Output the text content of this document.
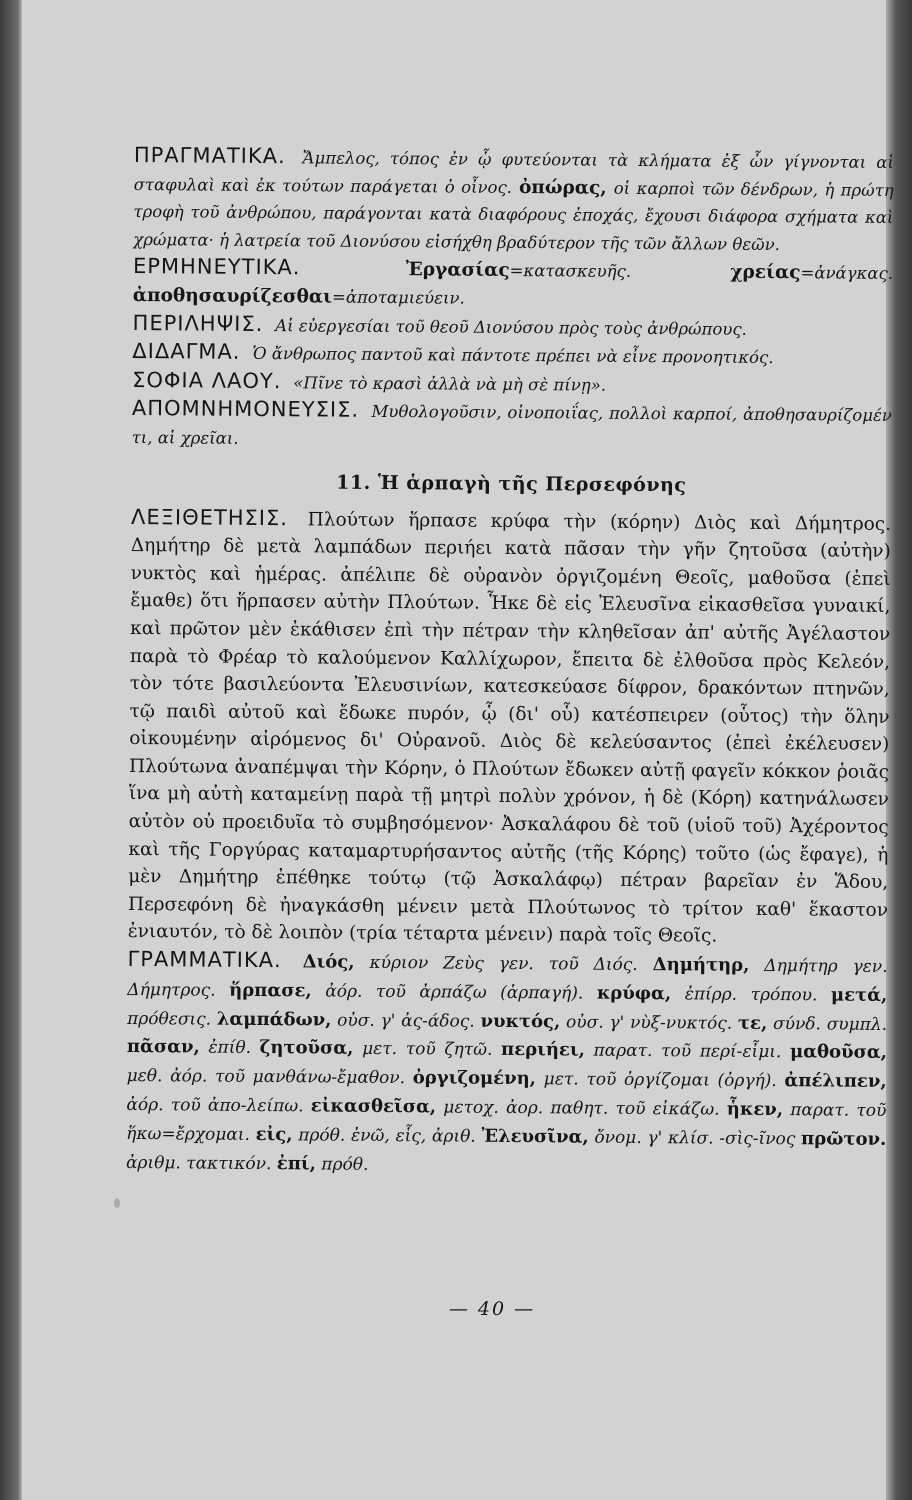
ΠΡΑΓΜΑΤΙΚΑ. Ἄμπελος, τόπος ἐν ᾧ φυτεύονται τὰ κλήματα ἐξ ὧν γίγνονται αἱ σταφυλαὶ καὶ ἐκ τούτων παράγεται ὁ οἶνος. ὀπώρας, οἱ καρποὶ τῶν δένδρων, ἡ πρώτη τροφὴ τοῦ ἀνθρώπου, παράγονται κατὰ διαφόρους ἐποχάς, ἔχουσι διάφορα σχήματα καὶ χρώματα· ἡ λατρεία τοῦ Διονύσου εἰσήχθη βραδύτερον τῆς τῶν ἄλλων θεῶν.

ΕΡΜΗΝΕΥΤΙΚΑ.	Ἐργασίας=κατασκευῆς.	χρείας=ἀνάγκας. ἀποθησαυρίζεσθαι=ἀποταμιεύειν.

ΠΕΡΙΛΗΨΙΣ. Αἱ εὐεργεσίαι τοῦ θεοῦ Διονύσου πρὸς τοὺς ἀνθρώπους.

ΔΙΔΑΓΜΑ. Ὁ ἄνθρωπος παντοῦ καὶ πάντοτε πρέπει νὰ εἶνε προνοητικός.

ΣΟΦΙΑ ΛΑΟΥ. «Πῖνε τὸ κρασὶ ἀλλὰ νὰ μὴ σὲ πίνῃ».

ΑΠΟΜΝΗΜΟΝΕΥΣΙΣ. Μυθολογοῦσιν, οἰνοποιΐας, πολλοὶ καρποί, ἀποθησαυρίζομέν τι, αἱ χρεῖαι.

11. Ἡ ἁρπαγὴ τῆς Περσεφόνης

ΛΕΞΙΘΕΤΗΣΙΣ. Πλούτων ἥρπασε κρύφα τὴν (κόρην) Διὸς καὶ Δήμητρος. Δημήτηρ δὲ μετὰ λαμπάδων περιήει κατὰ πᾶσαν τὴν γῆν ζητοῦσα (αὐτὴν) νυκτὸς καὶ ἡμέρας. ἀπέλιπε δὲ οὐρανὸν ὀργιζομένη Θεοῖς, μαθοῦσα (ἐπεὶ ἔμαθε) ὅτι ἥρπασεν αὐτὴν Πλούτων. Ἧκε δὲ εἰς Ἐλευσῖνα εἰκασθεῖσα γυναικί, καὶ πρῶτον μὲν ἐκάθισεν ἐπὶ τὴν πέτραν τὴν κληθεῖσαν ἀπ' αὐτῆς Ἀγέλαστον παρὰ τὸ Φρέαρ τὸ καλούμενον Καλλίχωρον, ἔπειτα δὲ ἐλθοῦσα πρὸς Κελεόν, τὸν τότε βασιλεύοντα Ἐλευσινίων, κατεσκεύασε δίφρον, δρακόντων πτηνῶν, τῷ παιδὶ αὐτοῦ καὶ ἔδωκε πυρόν, ᾧ (δι' οὗ) κατέσπειρεν (οὗτος) τὴν ὅλην οἰκουμένην αἰρόμενος δι' Οὐρανοῦ. Διὸς δὲ κελεύσαντος (ἐπεὶ ἐκέλευσεν) Πλούτωνα ἀναπέμψαι τὴν Κόρην, ὁ Πλούτων ἔδωκεν αὐτῇ φαγεῖν κόκκον ῥοιᾶς ἵνα μὴ αὐτὴ καταμείνῃ παρὰ τῇ μητρὶ πολὺν χρόνον, ἡ δὲ (Κόρη) κατηνάλωσεν αὐτὸν οὐ προειδυῖα τὸ συμβησόμενον· Ἀσκαλάφου δὲ τοῦ (υἱοῦ τοῦ) Ἀχέροντος καὶ τῆς Γοργύρας καταμαρτυρήσαντος αὐτῆς (τῆς Κόρης) τοῦτο (ὡς ἔφαγε), ἡ μὲν Δημήτηρ ἐπέθηκε τούτῳ (τῷ Ἀσκαλάφῳ) πέτραν βαρεῖαν ἐν Ἅδου, Περσεφόνη δὲ ἠναγκάσθη μένειν μετὰ Πλούτωνος τὸ τρίτον καθ' ἕκαστον ἐνιαυτόν, τὸ δὲ λοιπὸν (τρία τέταρτα μένειν) παρὰ τοῖς Θεοῖς.

ΓΡΑΜΜΑΤΙΚΑ. Διός, κύριον Ζεὺς γεν. τοῦ Διός. Δημήτηρ, Δημήτηρ γεν. Δήμητρος. ἥρπασε, ἀόρ. τοῦ ἁρπάζω (ἁρπαγή). κρύφα, ἐπίρρ. τρόπου. μετά, πρόθεσις. λαμπάδων, οὐσ. γ' ἀς-άδος. νυκτός, οὐσ. γ' νὺξ-νυκτός. τε, σύνδ. συμπλ. πᾶσαν, ἐπίθ. ζητοῦσα, μετ. τοῦ ζητῶ. περιήει, παρατ. τοῦ περί-εἶμι. μαθοῦσα, μεθ. ἀόρ. τοῦ μανθάνω-ἔμαθον. ὀργιζομένη, μετ. τοῦ ὀργίζομαι (ὀργή). ἀπέλιπεν, ἀόρ. τοῦ ἀπο-λείπω. εἰκασθεῖσα, μετοχ. ἀορ. παθητ. τοῦ εἰκάζω. ἧκεν, παρατ. τοῦ ἥκω=ἔρχομαι. εἰς, πρόθ. ἐνῶ, εἷς, ἀριθ. Ἐλευσῖνα, ὄνομ. γ' κλίσ. -σὶς-ῖνος πρῶτον. ἀριθμ. τακτικόν. ἐπί, πρόθ.

— 40 —
